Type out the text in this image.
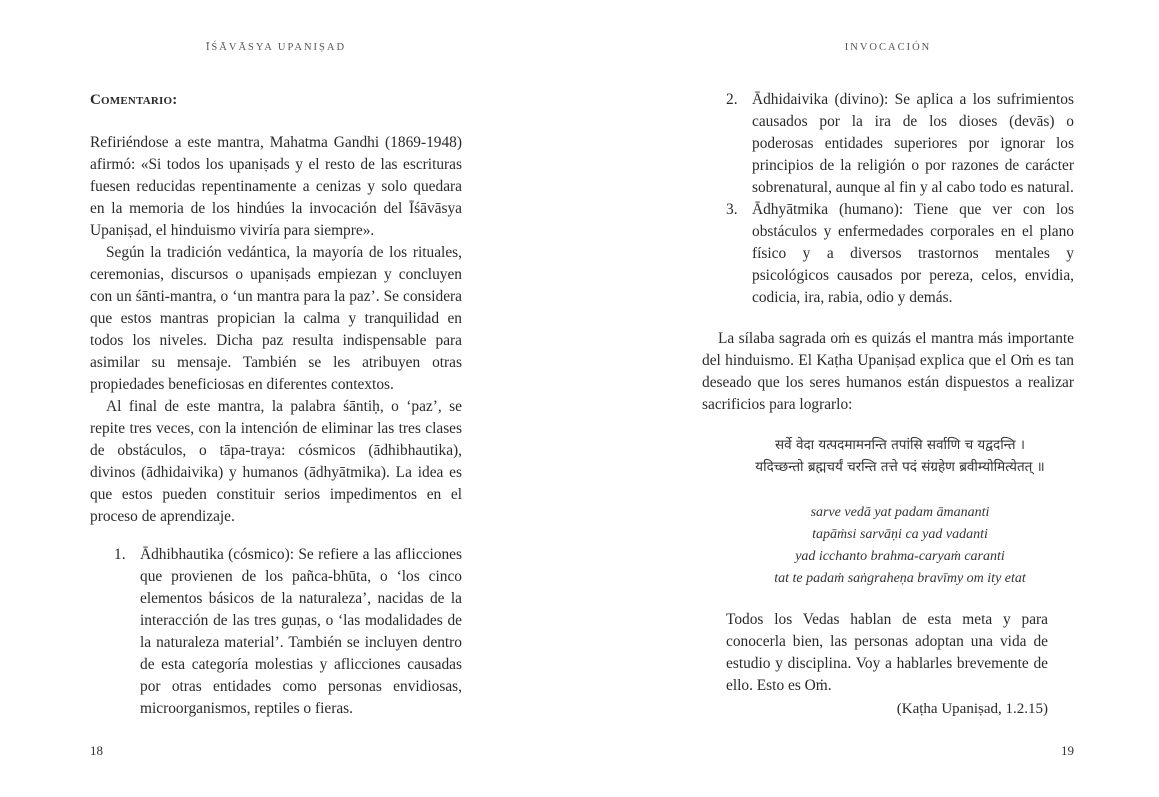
ĪŚĀVĀSYA UPANIṢAD
Comentario:

Refiriéndose a este mantra, Mahatma Gandhi (1869-1948) afirmó: «Si todos los upaniṣads y el resto de las escrituras fuesen reducidas repentinamente a cenizas y solo quedara en la memoria de los hindúes la invocación del Īśāvāsya Upaniṣad, el hinduismo viviría para siempre».

Según la tradición vedántica, la mayoría de los rituales, ceremonias, discursos o upaniṣads empiezan y concluyen con un śānti-mantra, o ‘un mantra para la paz’. Se considera que estos mantras propician la calma y tranquilidad en todos los niveles. Dicha paz resulta indispensable para asimilar su mensaje. También se les atribuyen otras propiedades beneficiosas en diferentes contextos.

Al final de este mantra, la palabra śāntiḥ, o ‘paz’, se repite tres veces, con la intención de eliminar las tres clases de obstáculos, o tāpa-traya: cósmicos (ādhibhautika), divinos (ādhidaivika) y humanos (ādhyātmika). La idea es que estos pueden constituir serios impedimentos en el proceso de aprendizaje.

1. Ādhibhautika (cósmico): Se refiere a las aflicciones que provienen de los pañca-bhūta, o ‘los cinco elementos básicos de la naturaleza’, nacidas de la interacción de las tres guṇas, o ‘las modalidades de la naturaleza material’. También se incluyen dentro de esta categoría molestias y aflicciones causadas por otras entidades como personas envidiosas, microorganismos, reptiles o fieras.
18
INVOCACIÓN
2. Ādhidaivika (divino): Se aplica a los sufrimientos causados por la ira de los dioses (devās) o poderosas entidades superiores por ignorar los principios de la religión o por razones de carácter sobrenatural, aunque al fin y al cabo todo es natural.
3. Ādhyātmika (humano): Tiene que ver con los obstáculos y enfermedades corporales en el plano físico y a diversos trastornos mentales y psicológicos causados por pereza, celos, envidia, codicia, ira, rabia, odio y demás.

La sílaba sagrada oṁ es quizás el mantra más importante del hinduismo. El Kaṭha Upaniṣad explica que el Oṁ es tan deseado que los seres humanos están dispuestos a realizar sacrificios para lograrlo:

सर्वे वेदा यत्पदमामनन्ति तपांसि सर्वाणि च यद्वदन्ति ।
यदिच्छन्तो ब्रह्मचर्यं चरन्ति तत्ते पदं संग्रहेण ब्रवीम्योमित्येतत् ॥
sarve vedā yat padam āmananti
tapāṁsi sarvāṇi ca yad vadanti
yad icchanto brahma-caryaṁ caranti
tat te padaṁ saṅgraheṇa bravīmy om ity etat

Todos los Vedas hablan de esta meta y para conocerla bien, las personas adoptan una vida de estudio y disciplina. Voy a hablarles brevemente de ello. Esto es Oṁ.

(Kaṭha Upaniṣad, 1.2.15)
19
